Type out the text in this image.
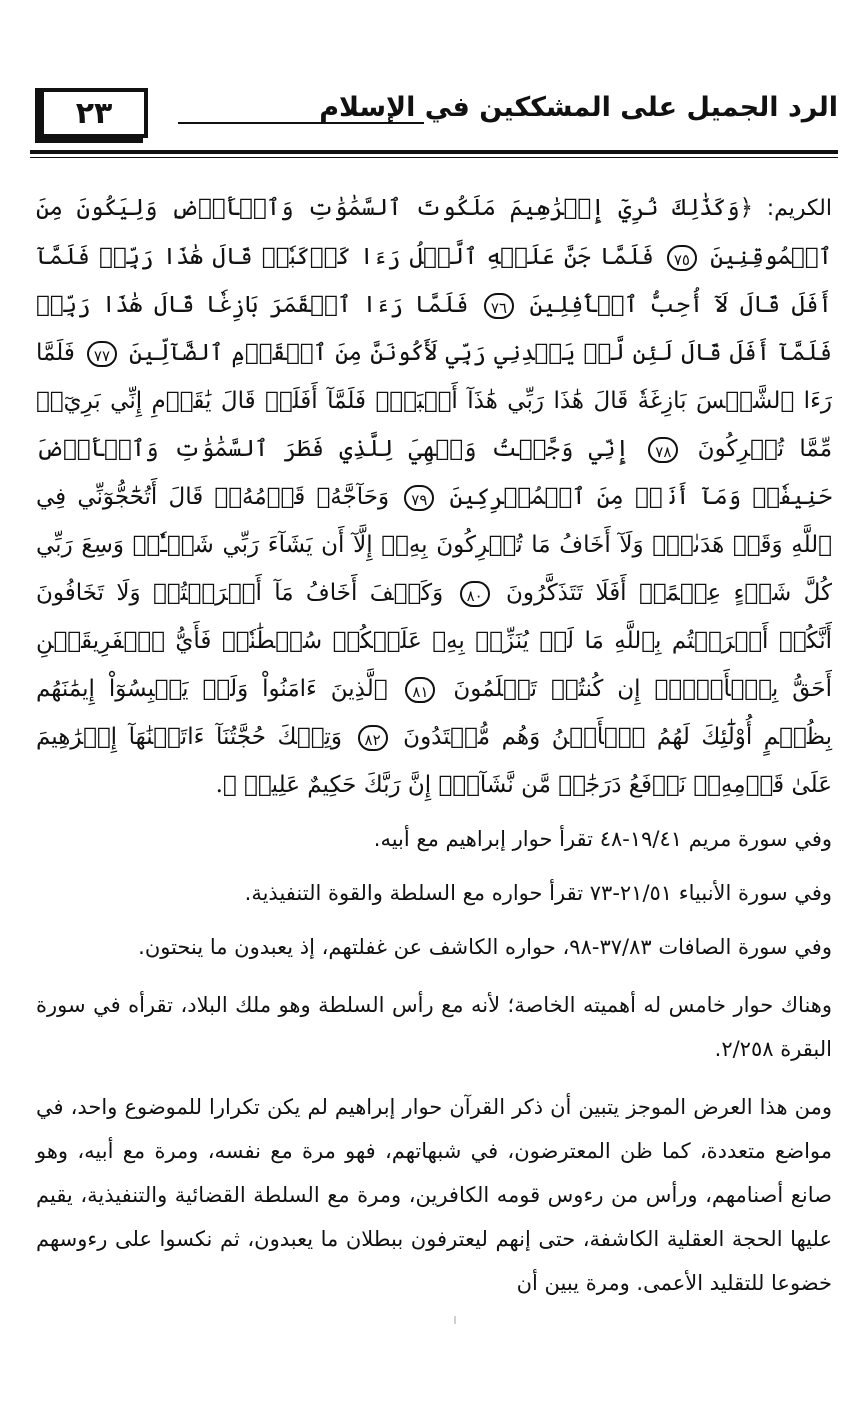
٢٣	الرد الجميل على المشككين في الإسلام

الكريم: ﴿وَكَذَٰلِكَ نُرِيٓ إِبۡرَٰهِيمَ مَلَكُوتَ ٱلسَّمَٰوَٰتِ وَٱلۡأَرۡضِ وَلِيَكُونَ مِنَ ٱلۡمُوقِنِينَ ٧٥ فَلَمَّا جَنَّ عَلَيۡهِ ٱلَّيۡلُ رَءَا كَوۡكَبٗاۖ قَالَ هَٰذَا رَبِّيۖ فَلَمَّآ أَفَلَ قَالَ لَآ أُحِبُّ ٱلۡأٓفِلِينَ ٧٦ فَلَمَّا رَءَا ٱلۡقَمَرَ بَازِغٗا قَالَ هَٰذَا رَبِّيۖ فَلَمَّآ أَفَلَ قَالَ لَئِن لَّمۡ يَهۡدِنِي رَبِّي لَأَكُونَنَّ مِنَ ٱلۡقَوۡمِ ٱلضَّآلِّينَ ٧٧ فَلَمَّا رَءَا ٱلشَّمۡسَ بَازِغَةٗ قَالَ هَٰذَا رَبِّي هَٰذَآ أَكۡبَرُۖ فَلَمَّآ أَفَلَتۡ قَالَ يَٰقَوۡمِ إِنِّي بَرِيٓءٞ مِّمَّا تُشۡرِكُونَ ٧٨ إِنِّي وَجَّهۡتُ وَجۡهِيَ لِلَّذِي فَطَرَ ٱلسَّمَٰوَٰتِ وَٱلۡأَرۡضَ حَنِيفٗاۖ وَمَآ أَنَا۠ مِنَ ٱلۡمُشۡرِكِينَ ٧٩ وَحَآجَّهُۥ قَوۡمُهُۥۚ قَالَ أَتُحَٰٓجُّوٓنِّي فِي ٱللَّهِ وَقَدۡ هَدَىٰنِۚ وَلَآ أَخَافُ مَا تُشۡرِكُونَ بِهِۦٓ إِلَّآ أَن يَشَآءَ رَبِّي شَيۡـٔٗاۚ وَسِعَ رَبِّي كُلَّ شَيۡءٍ عِلۡمًاۚ أَفَلَا تَتَذَكَّرُونَ ٨٠ وَكَيۡفَ أَخَافُ مَآ أَشۡرَكۡتُمۡ وَلَا تَخَافُونَ أَنَّكُمۡ أَشۡرَكۡتُم بِٱللَّهِ مَا لَمۡ يُنَزِّلۡ بِهِۦ عَلَيۡكُمۡ سُلۡطَٰنٗاۚ فَأَيُّ ٱلۡفَرِيقَيۡنِ أَحَقُّ بِٱلۡأَمۡنِۖ إِن كُنتُمۡ تَعۡلَمُونَ ٨١ ٱلَّذِينَ ءَامَنُواْ وَلَمۡ يَلۡبِسُوٓاْ إِيمَٰنَهُم بِظُلۡمٍ أُوْلَٰٓئِكَ لَهُمُ ٱلۡأَمۡنُ وَهُم مُّهۡتَدُونَ ٨٢ وَتِلۡكَ حُجَّتُنَآ ءَاتَيۡنَٰهَآ إِبۡرَٰهِيمَ عَلَىٰ قَوۡمِهِۦۚ نَرۡفَعُ دَرَجَٰتٖ مَّن نَّشَآءُۗ إِنَّ رَبَّكَ حَكِيمٌ عَلِيمٞ ﴾.

وفي سورة مريم ١٩/٤١-٤٨ تقرأ حوار إبراهيم مع أبيه.

وفي سورة الأنبياء ٢١/٥١-٧٣ تقرأ حواره مع السلطة والقوة التنفيذية.

وفي سورة الصافات ٣٧/٨٣-٩٨، حواره الكاشف عن غفلتهم، إذ يعبدون ما ينحتون.

وهناك حوار خامس له أهميته الخاصة؛ لأنه مع رأس السلطة وهو ملك البلاد، تقرأه في سورة البقرة ٢/٢٥٨.

ومن هذا العرض الموجز يتبين أن ذكر القرآن حوار إبراهيم لم يكن تكرارا للموضوع واحد، في مواضع متعددة، كما ظن المعترضون، في شبهاتهم، فهو مرة مع نفسه، ومرة مع أبيه، وهو صانع أصنامهم، ورأس من رءوس قومه الكافرين، ومرة مع السلطة القضائية والتنفيذية، يقيم عليها الحجة العقلية الكاشفة، حتى إنهم ليعترفون ببطلان ما يعبدون، ثم نكسوا على رءوسهم خضوعا للتقليد الأعمى. ومرة يبين أن
